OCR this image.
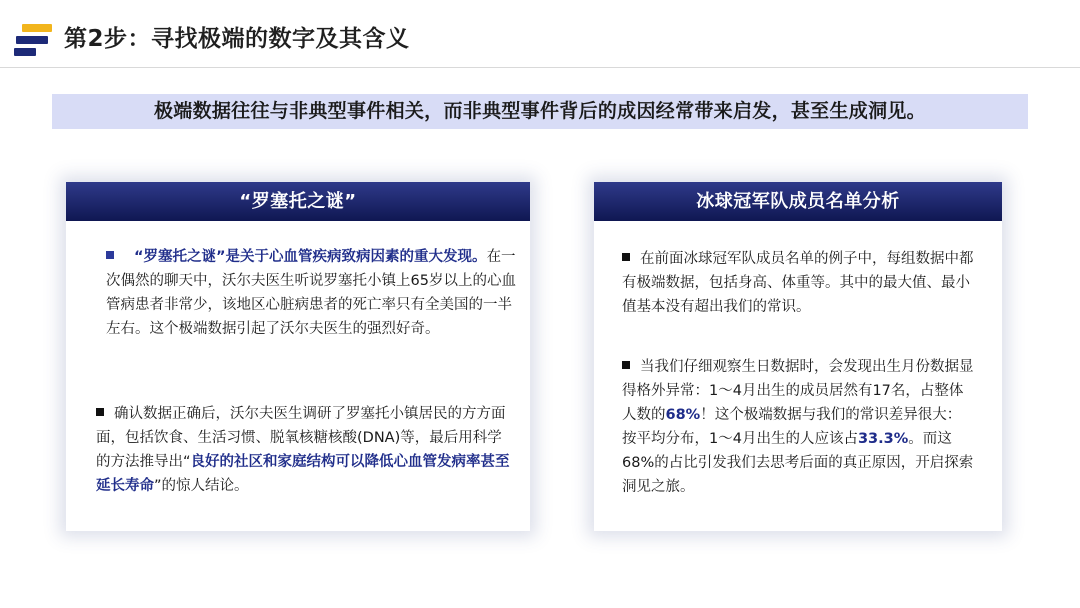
第2步：寻找极端的数字及其含义
极端数据往往与非典型事件相关，而非典型事件背后的成因经常带来启发，甚至生成洞见。
“罗塞托之谜”
“罗塞托之谜”是关于心血管疾病致病因素的重大发现。在一次偶然的聊天中，沃尔夫医生听说罗塞托小镇上65岁以上的心血管病患者非常少，该地区心脏病患者的死亡率只有全美国的一半左右。这个极端数据引起了沃尔夫医生的强烈好奇。
确认数据正确后，沃尔夫医生调研了罗塞托小镇居民的方方面面，包括饮食、生活习惯、脱氧核糖核酸(DNA)等，最后用科学的方法推导出“良好的社区和家庭结构可以降低心血管发病率甚至延长寿命”的惊人结论。
冰球冠军队成员名单分析
在前面冰球冠军队成员名单的例子中，每组数据中都有极端数据，包括身高、体重等。其中的最大值、最小值基本没有超出我们的常识。
当我们仔细观察生日数据时，会发现出生月份数据显得格外异常：1～4月出生的成员居然有17名，占整体人数的68%！这个极端数据与我们的常识差异很大：按平均分布，1～4月出生的人应该占33.3%。而这68%的占比引发我们去思考后面的真正原因，开启探索洞见之旅。
